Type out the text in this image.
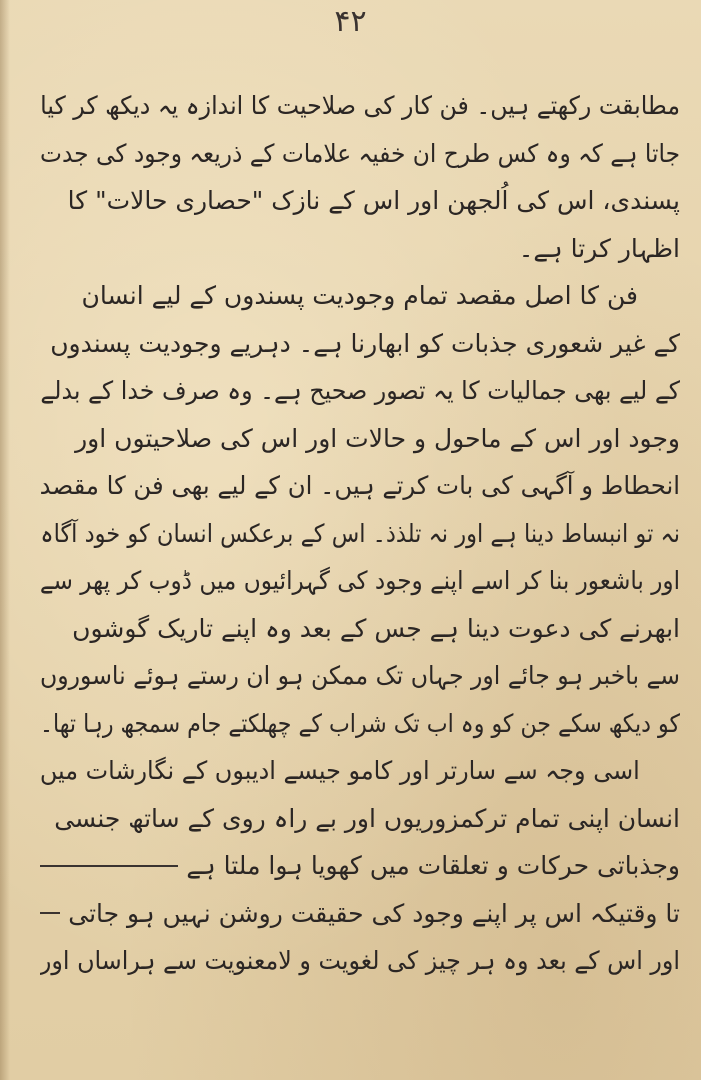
۴۲
مطابقت رکھتے ہیں۔ فن کار کی صلاحیت کا اندازہ یہ دیکھ کر کیا
جاتا ہے کہ وہ کس طرح ان خفیہ علامات کے ذریعہ وجود کی جدت
پسندی، اس کی اُلجھن اور اس کے نازک "حصاری حالات" کا
اظہار کرتا ہے۔
فن کا اصل مقصد تمام وجودیت پسندوں کے لیے انسان
کے غیر شعوری جذبات کو ابھارنا ہے۔ دہریے وجودیت پسندوں
کے لیے بھی جمالیات کا یہ تصور صحیح ہے۔ وہ صرف خدا کے بدلے
وجود اور اس کے ماحول و حالات اور اس کی صلاحیتوں اور
انحطاط و آگہی کی بات کرتے ہیں۔ ان کے لیے بھی فن کا مقصد
نہ تو انبساط دینا ہے اور نہ تلذذ۔ اس کے برعکس انسان کو خود آگاہ
اور باشعور بنا کر اسے اپنے وجود کی گہرائیوں میں ڈوب کر پھر سے
ابھرنے کی دعوت دینا ہے جس کے بعد وہ اپنے تاریک گوشوں
سے باخبر ہو جائے اور جہاں تک ممکن ہو ان رستے ہوئے ناسوروں
کو دیکھ سکے جن کو وہ اب تک شراب کے چھلکتے جام سمجھ رہا تھا۔
اسی وجہ سے سارتر اور کامو جیسے ادیبوں کے نگارشات میں
انسان اپنی تمام ترکمزوریوں اور بے راہ روی کے ساتھ جنسی
وجذباتی حرکات و تعلقات میں کھویا ہوا ملتا ہے
تا وقتیکہ اس پر اپنے وجود کی حقیقت روشن نہیں ہو جاتی
اور اس کے بعد وہ ہر چیز کی لغویت و لامعنویت سے ہراساں اور
